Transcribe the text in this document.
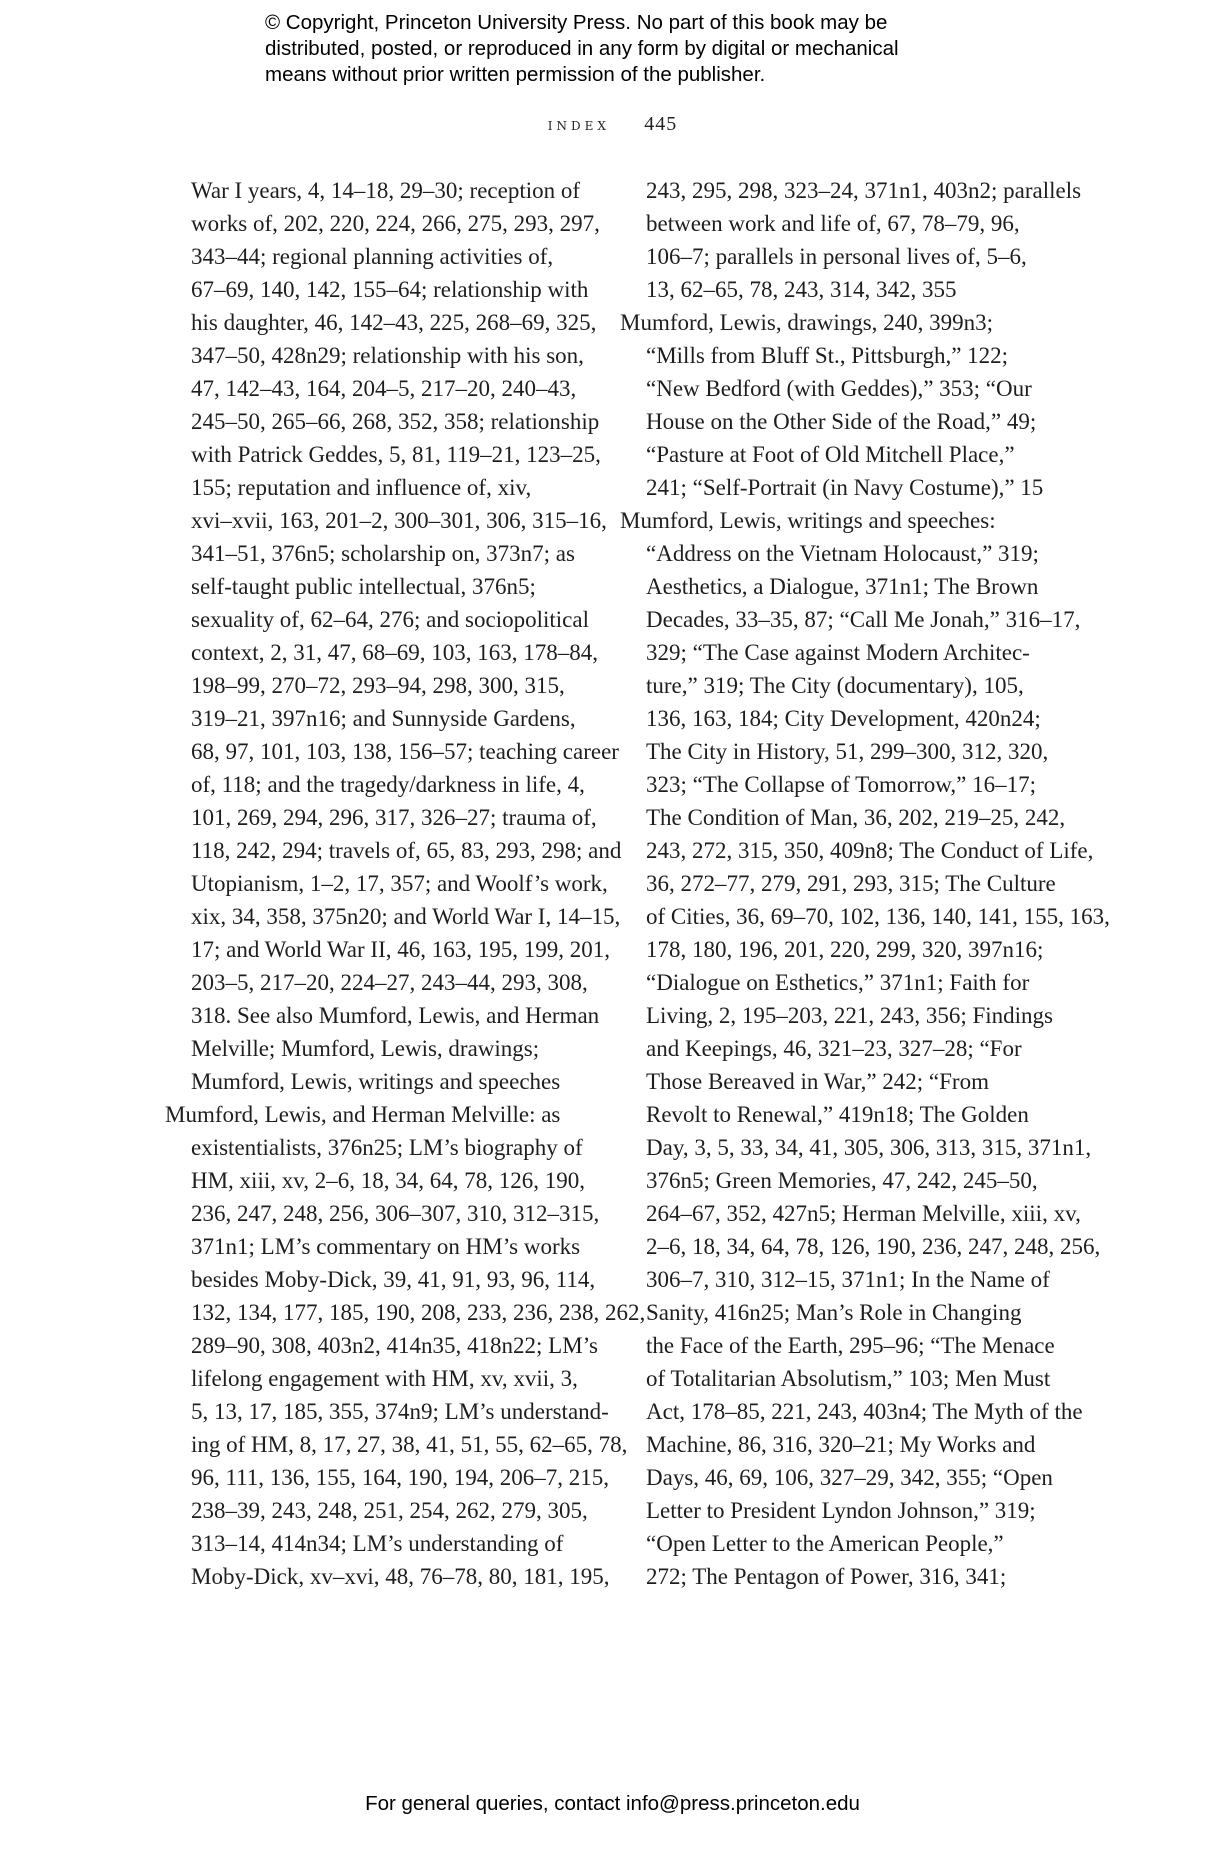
© Copyright, Princeton University Press. No part of this book may be
distributed, posted, or reproduced in any form by digital or mechanical
means without prior written permission of the publisher.
index 445
War I years, 4, 14–18, 29–30; reception of
works of, 202, 220, 224, 266, 275, 293, 297,
343–44; regional planning activities of,
67–69, 140, 142, 155–64; relationship with
his daughter, 46, 142–43, 225, 268–69, 325,
347–50, 428n29; relationship with his son,
47, 142–43, 164, 204–5, 217–20, 240–43,
245–50, 265–66, 268, 352, 358; relationship
with Patrick Geddes, 5, 81, 119–21, 123–25,
155; reputation and influence of, xiv,
xvi–xvii, 163, 201–2, 300–301, 306, 315–16,
341–51, 376n5; scholarship on, 373n7; as
self-taught public intellectual, 376n5;
sexuality of, 62–64, 276; and sociopolitical
context, 2, 31, 47, 68–69, 103, 163, 178–84,
198–99, 270–72, 293–94, 298, 300, 315,
319–21, 397n16; and Sunnyside Gardens,
68, 97, 101, 103, 138, 156–57; teaching career
of, 118; and the tragedy/darkness in life, 4,
101, 269, 294, 296, 317, 326–27; trauma of,
118, 242, 294; travels of, 65, 83, 293, 298; and
Utopianism, 1–2, 17, 357; and Woolf’s work,
xix, 34, 358, 375n20; and World War I, 14–15,
17; and World War II, 46, 163, 195, 199, 201,
203–5, 217–20, 224–27, 243–44, 293, 308,
318. See also Mumford, Lewis, and Herman
Melville; Mumford, Lewis, drawings;
Mumford, Lewis, writings and speeches
Mumford, Lewis, and Herman Melville: as
existentialists, 376n25; LM’s biography of
HM, xiii, xv, 2–6, 18, 34, 64, 78, 126, 190,
236, 247, 248, 256, 306–307, 310, 312–315,
371n1; LM’s commentary on HM’s works
besides Moby-Dick, 39, 41, 91, 93, 96, 114,
132, 134, 177, 185, 190, 208, 233, 236, 238, 262,
289–90, 308, 403n2, 414n35, 418n22; LM’s
lifelong engagement with HM, xv, xvii, 3,
5, 13, 17, 185, 355, 374n9; LM’s understand-
ing of HM, 8, 17, 27, 38, 41, 51, 55, 62–65, 78,
96, 111, 136, 155, 164, 190, 194, 206–7, 215,
238–39, 243, 248, 251, 254, 262, 279, 305,
313–14, 414n34; LM’s understanding of
Moby-Dick, xv–xvi, 48, 76–78, 80, 181, 195,
243, 295, 298, 323–24, 371n1, 403n2; parallels
between work and life of, 67, 78–79, 96,
106–7; parallels in personal lives of, 5–6,
13, 62–65, 78, 243, 314, 342, 355
Mumford, Lewis, drawings, 240, 399n3;
“Mills from Bluff St., Pittsburgh,” 122;
“New Bedford (with Geddes),” 353; “Our
House on the Other Side of the Road,” 49;
“Pasture at Foot of Old Mitchell Place,”
241; “Self-Portrait (in Navy Costume),” 15
Mumford, Lewis, writings and speeches:
“Address on the Vietnam Holocaust,” 319;
Aesthetics, a Dialogue, 371n1; The Brown
Decades, 33–35, 87; “Call Me Jonah,” 316–17,
329; “The Case against Modern Architec-
ture,” 319; The City (documentary), 105,
136, 163, 184; City Development, 420n24;
The City in History, 51, 299–300, 312, 320,
323; “The Collapse of Tomorrow,” 16–17;
The Condition of Man, 36, 202, 219–25, 242,
243, 272, 315, 350, 409n8; The Conduct of Life,
36, 272–77, 279, 291, 293, 315; The Culture
of Cities, 36, 69–70, 102, 136, 140, 141, 155, 163,
178, 180, 196, 201, 220, 299, 320, 397n16;
“Dialogue on Esthetics,” 371n1; Faith for
Living, 2, 195–203, 221, 243, 356; Findings
and Keepings, 46, 321–23, 327–28; “For
Those Bereaved in War,” 242; “From
Revolt to Renewal,” 419n18; The Golden
Day, 3, 5, 33, 34, 41, 305, 306, 313, 315, 371n1,
376n5; Green Memories, 47, 242, 245–50,
264–67, 352, 427n5; Herman Melville, xiii, xv,
2–6, 18, 34, 64, 78, 126, 190, 236, 247, 248, 256,
306–7, 310, 312–15, 371n1; In the Name of
Sanity, 416n25; Man’s Role in Changing
the Face of the Earth, 295–96; “The Menace
of Totalitarian Absolutism,” 103; Men Must
Act, 178–85, 221, 243, 403n4; The Myth of the
Machine, 86, 316, 320–21; My Works and
Days, 46, 69, 106, 327–29, 342, 355; “Open
Letter to President Lyndon Johnson,” 319;
“Open Letter to the American People,”
272; The Pentagon of Power, 316, 341;
For general queries, contact info@press.princeton.edu
